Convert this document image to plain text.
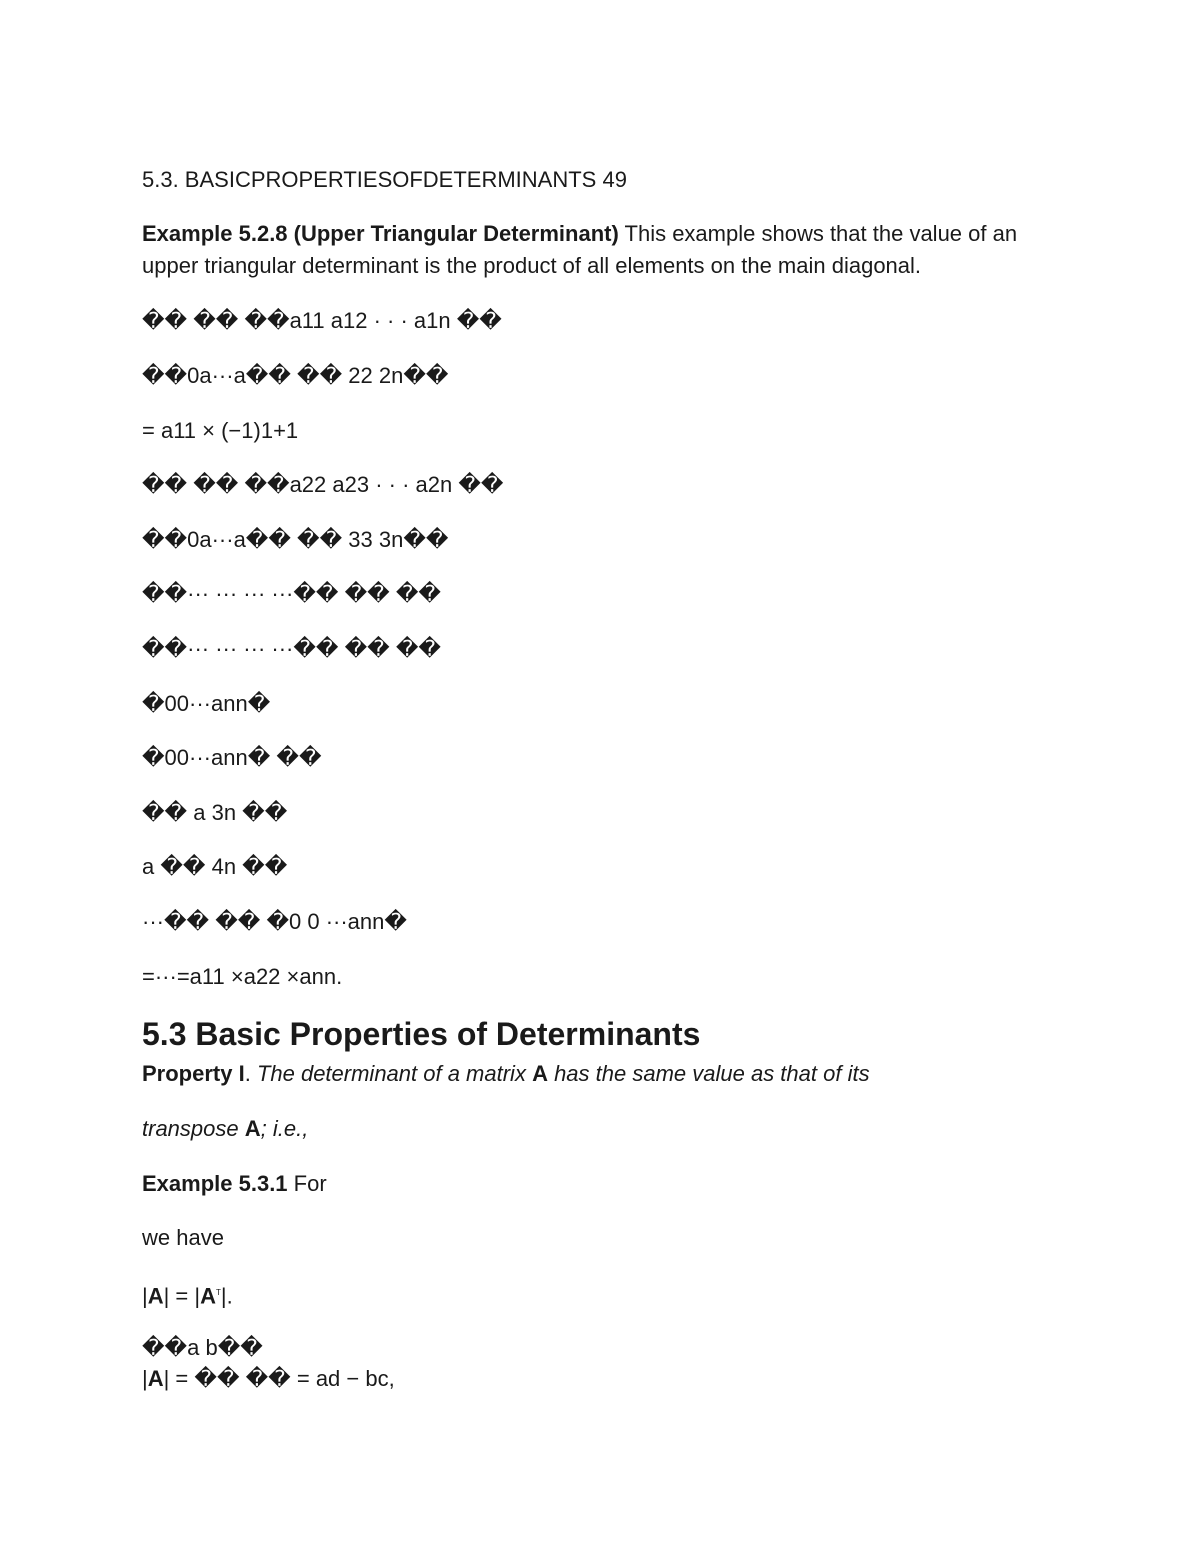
5.3. BASICPROPERTIESOFDETERMINANTS 49
Example 5.2.8 (Upper Triangular Determinant) This example shows that the value of an upper triangular determinant is the product of all elements on the main diagonal.
�� �� ��a11 a12 · · · a1n ��
��0a···a�� �� 22 2n��
= a11 × (−1)1+1
�� �� ��a22 a23 · · · a2n ��
��0a···a�� �� 33 3n��
��··· ··· ··· ···�� �� ��
��··· ··· ··· ···�� �� ��
�00···ann�
�00···ann� ��
�� a 3n ��
a �� 4n ��
···�� �� �0 0 ···ann�
=···=a11 ×a22 ×ann.
5.3 Basic Properties of Determinants
Property I. The determinant of a matrix A has the same value as that of its
transpose A; i.e.,
Example 5.3.1 For
we have
$|A| = |A^T|$.
��a b��
|A| = �� �� = ad − bc,
